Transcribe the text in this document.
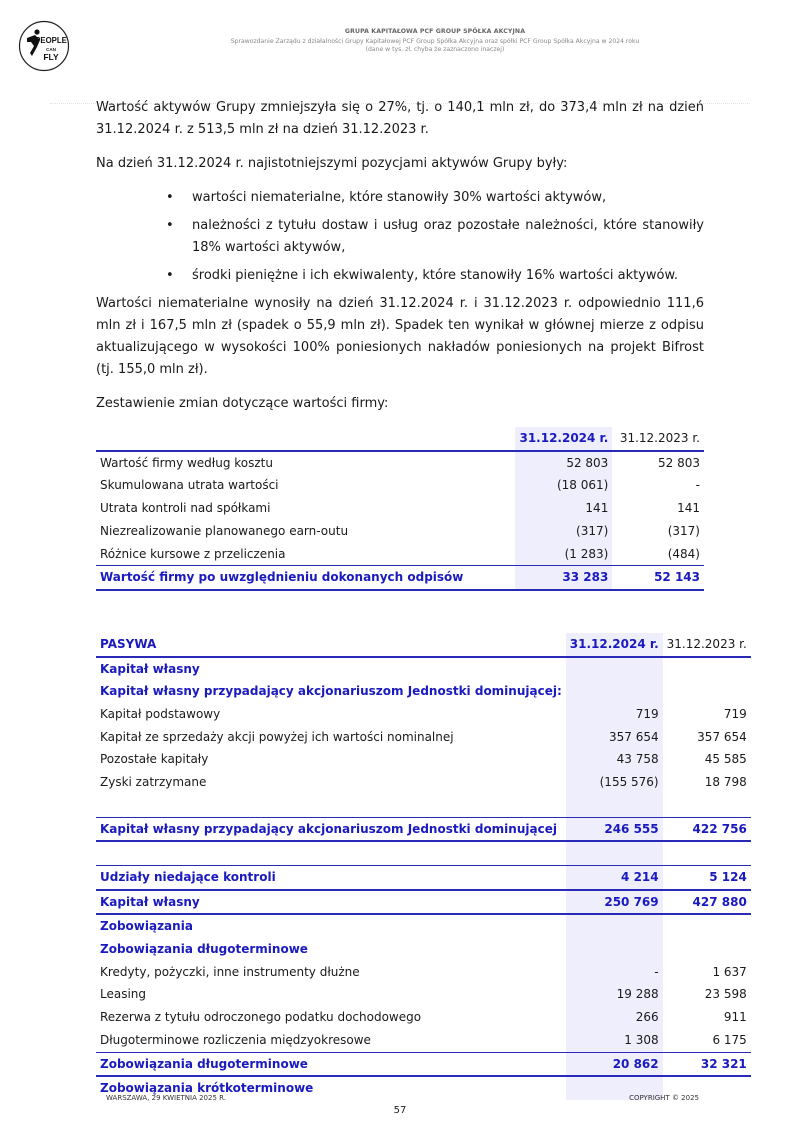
PEOPLE
CAN
FLY
GRUPA KAPITAŁOWA PCF GROUP SPÓŁKA AKCYJNA
Sprawozdanie Zarządu z działalności Grupy Kapitałowej PCF Group Spółka Akcyjna oraz spółki PCF Group Spółka Akcyjna w 2024 roku
(dane w tys. zł, chyba że zaznaczono inaczej)

Wartość aktywów Grupy zmniejszyła się o 27%, tj. o 140,1 mln zł, do 373,4 mln zł na dzień 31.12.2024 r. z 513,5 mln zł na dzień 31.12.2023 r.

Na dzień 31.12.2024 r. najistotniejszymi pozycjami aktywów Grupy były:

• wartości niematerialne, które stanowiły 30% wartości aktywów,
• należności z tytułu dostaw i usług oraz pozostałe należności, które stanowiły 18% wartości aktywów,
• środki pieniężne i ich ekwiwalenty, które stanowiły 16% wartości aktywów.

Wartości niematerialne wynosiły na dzień 31.12.2024 r. i 31.12.2023 r. odpowiednio 111,6 mln zł i 167,5 mln zł (spadek o 55,9 mln zł). Spadek ten wynikał w głównej mierze z odpisu aktualizującego w wysokości 100% poniesionych nakładów poniesionych na projekt Bifrost (tj. 155,0 mln zł).

Zestawienie zmian dotyczące wartości firmy:

	31.12.2024 r.	31.12.2023 r.
Wartość firmy według kosztu	52 803	52 803
Skumulowana utrata wartości	(18 061)	-
Utrata kontroli nad spółkami	141	141
Niezrealizowanie planowanego earn-outu	(317)	(317)
Różnice kursowe z przeliczenia	(1 283)	(484)
Wartość firmy po uwzględnieniu dokonanych odpisów	33 283	52 143
PASYWA	31.12.2024 r.	31.12.2023 r.
Kapitał własny		
Kapitał własny przypadający akcjonariuszom Jednostki dominującej:		
Kapitał podstawowy	719	719
Kapitał ze sprzedaży akcji powyżej ich wartości nominalnej	357 654	357 654
Pozostałe kapitały	43 758	45 585
Zyski zatrzymane	(155 576)	18 798

Kapitał własny przypadający akcjonariuszom Jednostki dominującej	246 555	422 756

Udziały niedające kontroli	4 214	5 124
Kapitał własny	250 769	427 880
Zobowiązania		
Zobowiązania długoterminowe		
Kredyty, pożyczki, inne instrumenty dłużne	-	1 637
Leasing	19 288	23 598
Rezerwa z tytułu odroczonego podatku dochodowego	266	911
Długoterminowe rozliczenia międzyokresowe	1 308	6 175
Zobowiązania długoterminowe	20 862	32 321
Zobowiązania krótkoterminowe		
WARSZAWA, 29 KWIETNIA 2025 R.	COPYRIGHT © 2025
57
